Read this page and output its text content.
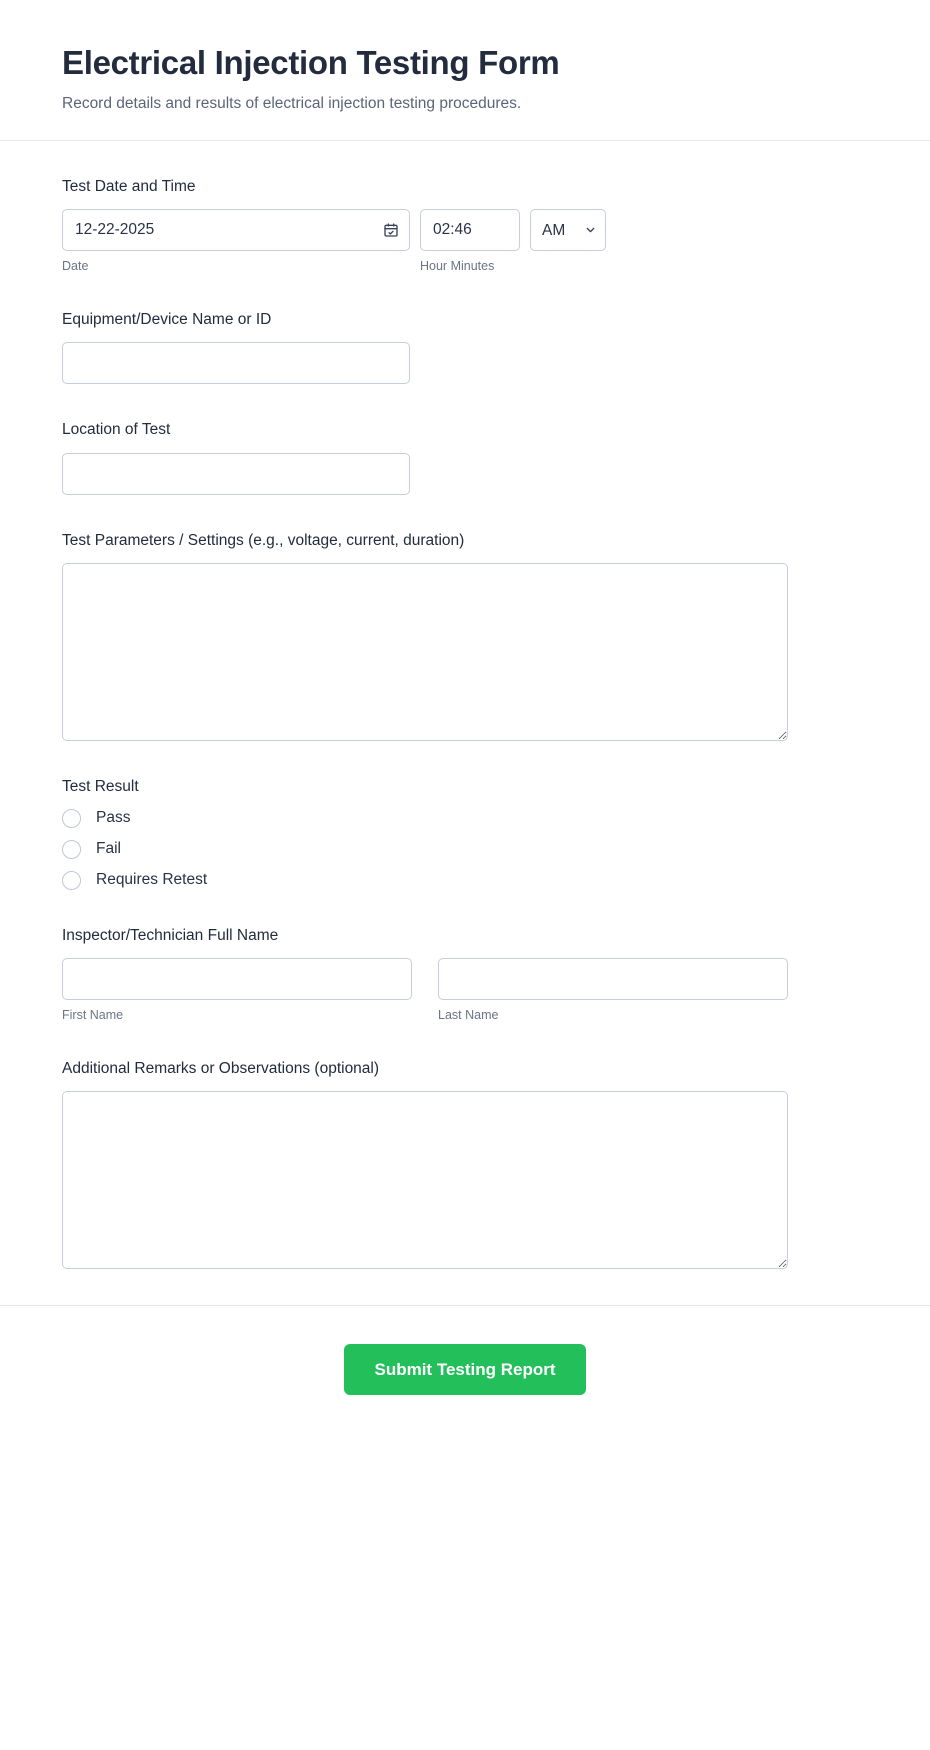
Electrical Injection Testing Form

Record details and results of electrical injection testing procedures.

Test Date and Time
12-22-2025
Date
02:46	Hour Minutes
AM
Equipment/Device Name or ID
Location of Test
Test Parameters / Settings (e.g., voltage, current, duration)
Test Result
Pass
Fail
Requires Retest
Inspector/Technician Full Name
First Name	Last Name
Additional Remarks or Observations (optional)
Submit Testing Report
